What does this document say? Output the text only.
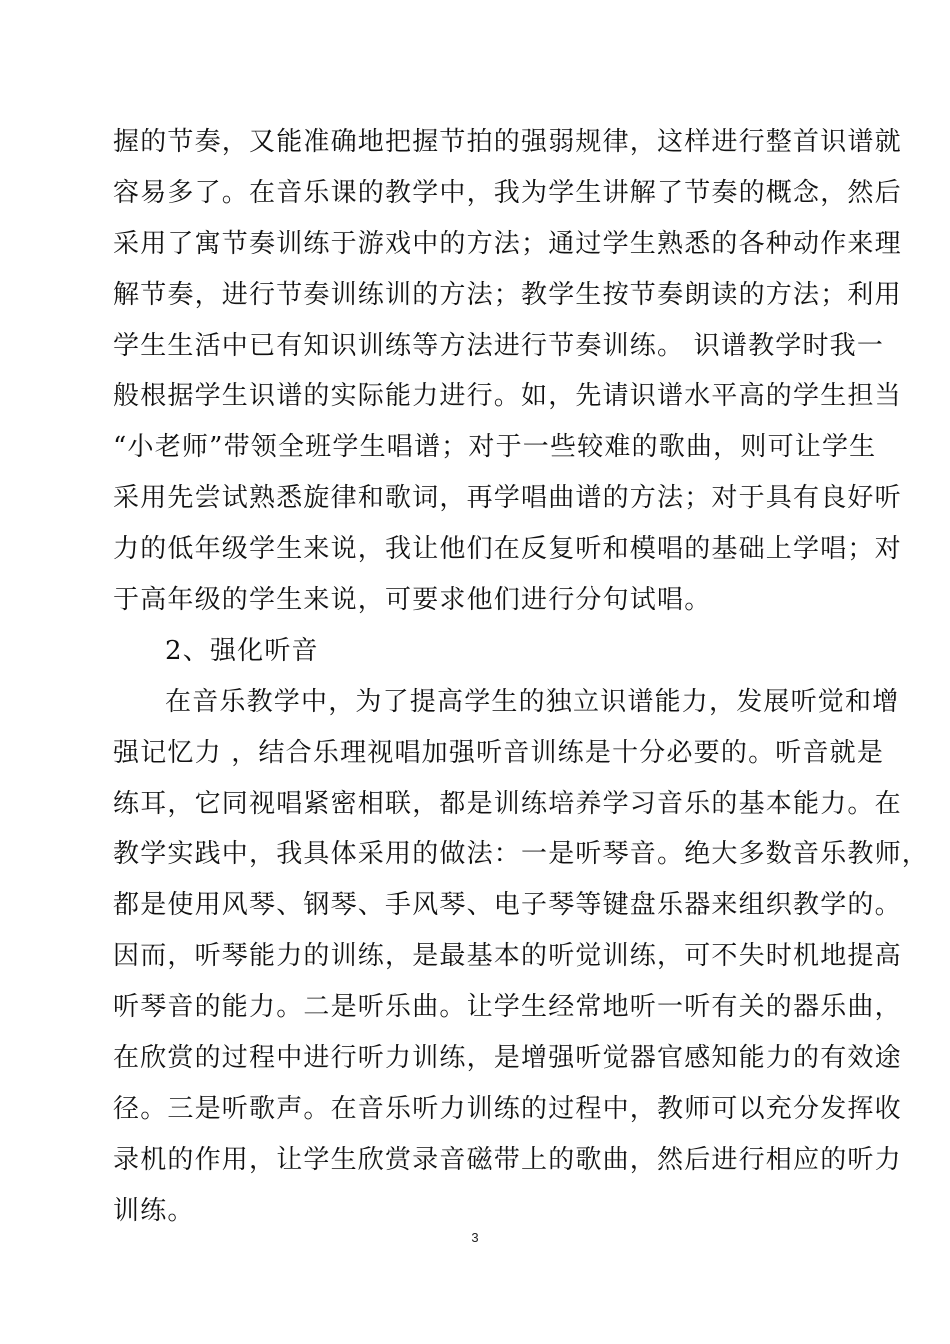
握的节奏，又能准确地把握节拍的强弱规律，这样进行整首识谱就
容易多了。在音乐课的教学中，我为学生讲解了节奏的概念，然后
采用了寓节奏训练于游戏中的方法；通过学生熟悉的各种动作来理
解节奏，进行节奏训练训的方法；教学生按节奏朗读的方法；利用
学生生活中已有知识训练等方法进行节奏训练。 识谱教学时我一
般根据学生识谱的实际能力进行。如，先请识谱水平高的学生担当
“小老师”带领全班学生唱谱；对于一些较难的歌曲，则可让学生
采用先尝试熟悉旋律和歌词，再学唱曲谱的方法；对于具有良好听
力的低年级学生来说，我让他们在反复听和模唱的基础上学唱；对
于高年级的学生来说，可要求他们进行分句试唱。
2、强化听音
在音乐教学中，为了提高学生的独立识谱能力，发展听觉和增
强记忆力 ，结合乐理视唱加强听音训练是十分必要的。听音就是
练耳，它同视唱紧密相联，都是训练培养学习音乐的基本能力。在
教学实践中，我具体采用的做法：一是听琴音。绝大多数音乐教师，
都是使用风琴、钢琴、手风琴、电子琴等键盘乐器来组织教学的。
因而，听琴能力的训练，是最基本的听觉训练，可不失时机地提高
听琴音的能力。二是听乐曲。让学生经常地听一听有关的器乐曲，
在欣赏的过程中进行听力训练，是增强听觉器官感知能力的有效途
径。三是听歌声。在音乐听力训练的过程中，教师可以充分发挥收
录机的作用，让学生欣赏录音磁带上的歌曲，然后进行相应的听力
训练。
3
